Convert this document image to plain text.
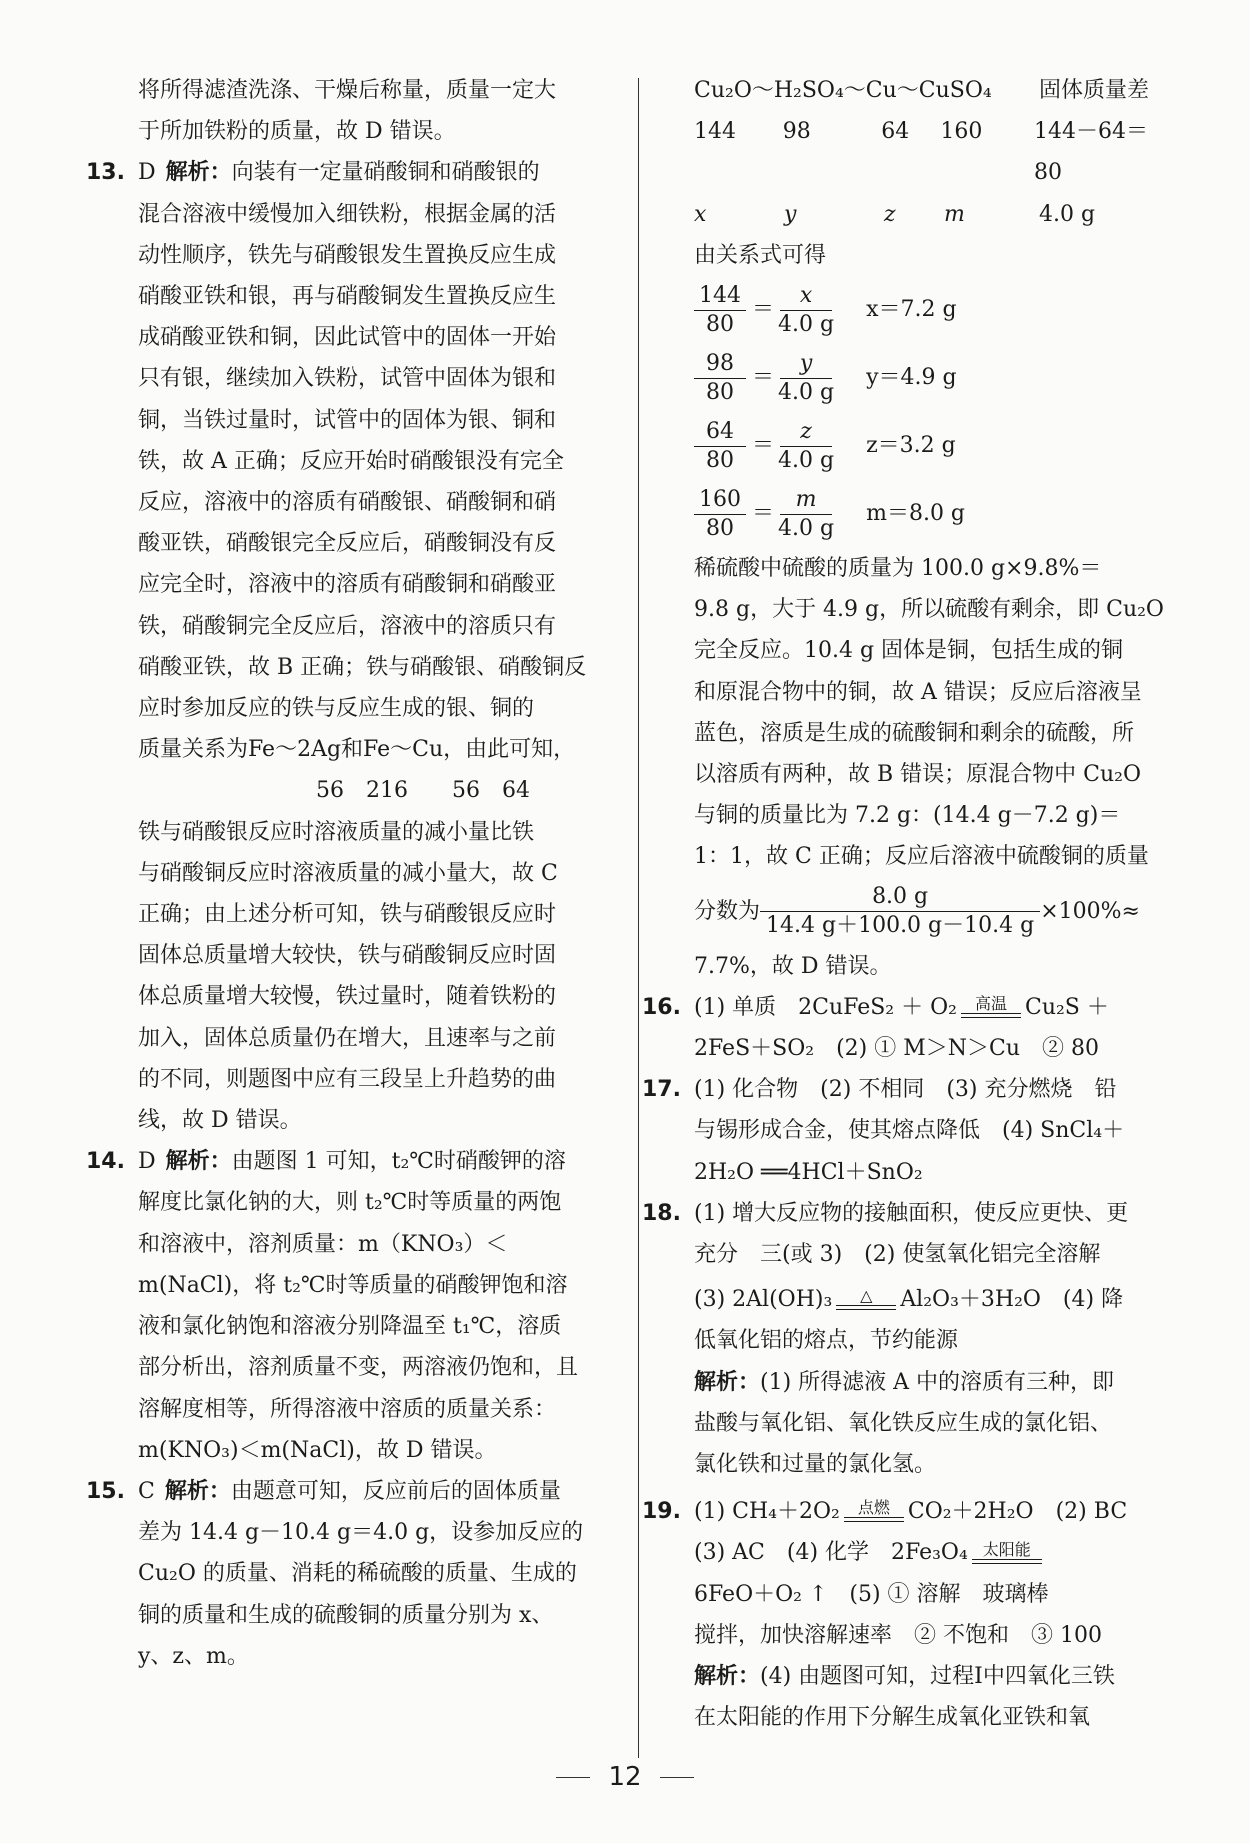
将所得滤渣洗涤、干燥后称量，质量一定大

于所加铁粉的质量，故 D 错误。

13. D 解析：向装有一定量硝酸铜和硝酸银的

混合溶液中缓慢加入细铁粉，根据金属的活

动性顺序，铁先与硝酸银发生置换反应生成

硝酸亚铁和银，再与硝酸铜发生置换反应生

成硝酸亚铁和铜，因此试管中的固体一开始

只有银，继续加入铁粉，试管中固体为银和

铜，当铁过量时，试管中的固体为银、铜和

铁，故 A 正确；反应开始时硝酸银没有完全

反应，溶液中的溶质有硝酸银、硝酸铜和硝

酸亚铁，硝酸银完全反应后，硝酸铜没有反

应完全时，溶液中的溶质有硝酸铜和硝酸亚

铁，硝酸铜完全反应后，溶液中的溶质只有

硝酸亚铁，故 B 正确；铁与硝酸银、硝酸铜反

应时参加反应的铁与反应生成的银、铜的

质量关系为Fe～2Ag和Fe～Cu，由此可知，

56　216　　56　64

铁与硝酸银反应时溶液质量的减小量比铁

与硝酸铜反应时溶液质量的减小量大，故 C

正确；由上述分析可知，铁与硝酸银反应时

固体总质量增大较快，铁与硝酸铜反应时固

体总质量增大较慢，铁过量时，随着铁粉的

加入，固体总质量仍在增大，且速率与之前

的不同，则题图中应有三段呈上升趋势的曲

线，故 D 错误。

14. D 解析：由题图 1 可知，t₂℃时硝酸钾的溶

解度比氯化钠的大，则 t₂℃时等质量的两饱

和溶液中，溶剂质量：m（KNO₃）＜

m(NaCl)，将 t₂℃时等质量的硝酸钾饱和溶

液和氯化钠饱和溶液分别降温至 t₁℃，溶质

部分析出，溶剂质量不变，两溶液仍饱和，且

溶解度相等，所得溶液中溶质的质量关系：

m(KNO₃)＜m(NaCl)，故 D 错误。

15. C 解析：由题意可知，反应前后的固体质量

差为 14.4 g－10.4 g＝4.0 g，设参加反应的

Cu₂O 的质量、消耗的稀硫酸的质量、生成的

铜的质量和生成的硫酸铜的质量分别为 x、

y、z、m。

Cu₂O～H₂SO₄～Cu～CuSO₄	固体质量差
144	98	64	160	144－64＝80
x	y	z	m	4.0 g

由关系式可得

$\frac{144}{80} = \frac{x}{4.0 g} x=7.2$ g
$\frac{98}{80} = \frac{y}{4.0 g} y=4.9$ g
$\frac{64}{80} = \frac{z}{4.0 g} z=3.2$ g
$\frac{160}{80} = \frac{m}{4.0 g} m=8.0$ g

稀硫酸中硫酸的质量为 100.0 g×9.8%＝

9.8 g，大于 4.9 g，所以硫酸有剩余，即 Cu₂O

完全反应。10.4 g 固体是铜，包括生成的铜

和原混合物中的铜，故 A 错误；反应后溶液呈

蓝色，溶质是生成的硫酸铜和剩余的硫酸，所

以溶质有两种，故 B 错误；原混合物中 Cu₂O

与铜的质量比为 7.2 g：(14.4 g－7.2 g)＝

1：1，故 C 正确；反应后溶液中硫酸铜的质量

分数为 $\frac{8.0 g}{14.4 g+100.0 g-10.4 g} \times 100\%\approx$

7.7%，故 D 错误。

16. (1) 单质　2CuFeS₂ ＋ O₂ 高温 Cu₂S ＋

2FeS＋SO₂　(2) ① M＞N＞Cu　② 80

17. (1) 化合物　(2) 不相同　(3) 充分燃烧　铅

与锡形成合金，使其熔点降低　(4) SnCl₄＋

2H₂O ══4HCl＋SnO₂

18. (1) 增大反应物的接触面积，使反应更快、更

充分　三(或 3)　(2) 使氢氧化铝完全溶解

(3) 2Al(OH)₃ △ Al₂O₃＋3H₂O　(4) 降

低氧化铝的熔点，节约能源

解析：(1) 所得滤液 A 中的溶质有三种，即

盐酸与氧化铝、氧化铁反应生成的氯化铝、

氯化铁和过量的氯化氢。

19. (1) CH₄＋2O₂ 点燃 CO₂＋2H₂O　(2) BC

(3) AC　(4) 化学　2Fe₃O₄ 太阳能

6FeO＋O₂ ↑　(5) ① 溶解　玻璃棒

搅拌，加快溶解速率　② 不饱和　③ 100

解析：(4) 由题图可知，过程Ⅰ中四氧化三铁

在太阳能的作用下分解生成氧化亚铁和氧

12
